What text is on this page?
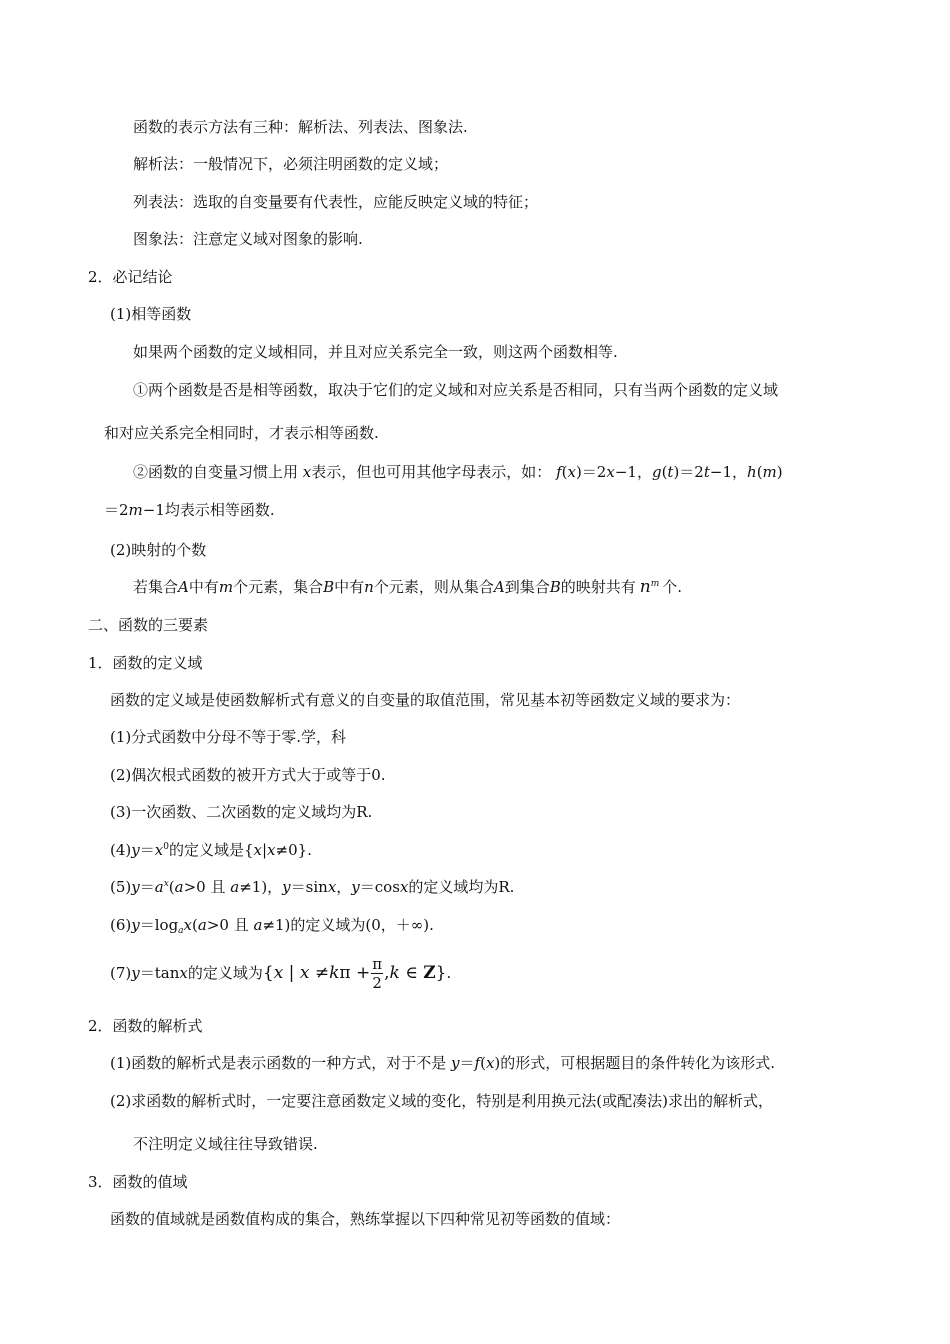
函数的表示方法有三种：解析法、列表法、图象法.
解析法：一般情况下，必须注明函数的定义域；
列表法：选取的自变量要有代表性，应能反映定义域的特征；
图象法：注意定义域对图象的影响.
2．必记结论
(1)相等函数
如果两个函数的定义域相同，并且对应关系完全一致，则这两个函数相等.
①两个函数是否是相等函数，取决于它们的定义域和对应关系是否相同，只有当两个函数的定义域
和对应关系完全相同时，才表示相等函数.
②函数的自变量习惯上用 x表示，但也可用其他字母表示，如： f(x)＝2x−1，g(t)＝2t−1，h(m)
＝2m−1均表示相等函数.
(2)映射的个数
若集合A中有m个元素，集合B中有n个元素，则从集合A到集合B的映射共有 $n^m$ 个.
二、函数的三要素
1．函数的定义域
函数的定义域是使函数解析式有意义的自变量的取值范围，常见基本初等函数定义域的要求为：
(1)分式函数中分母不等于零.学，科
(2)偶次根式函数的被开方式大于或等于0.
(3)一次函数、二次函数的定义域均为R.
$(4)y=x^0$的定义域是{x|x≠0}.
$(5)y=a^x(a>0$ 且 a≠1)，y＝sinx，y＝cosx的定义域均为R.
$(6)y=\log_ax(a>0$ 且 a≠1)的定义域为(0，＋∞).
(7)y＝tanx的定义域为{x | $x \ne k\pi + \frac{\pi}{2} ,k$ ∈ Z}.
2．函数的解析式
(1)函数的解析式是表示函数的一种方式，对于不是 y＝f(x)的形式，可根据题目的条件转化为该形式.
(2)求函数的解析式时，一定要注意函数定义域的变化，特别是利用换元法(或配凑法)求出的解析式，
不注明定义域往往导致错误.
3．函数的值域
函数的值域就是函数值构成的集合，熟练掌握以下四种常见初等函数的值域：
